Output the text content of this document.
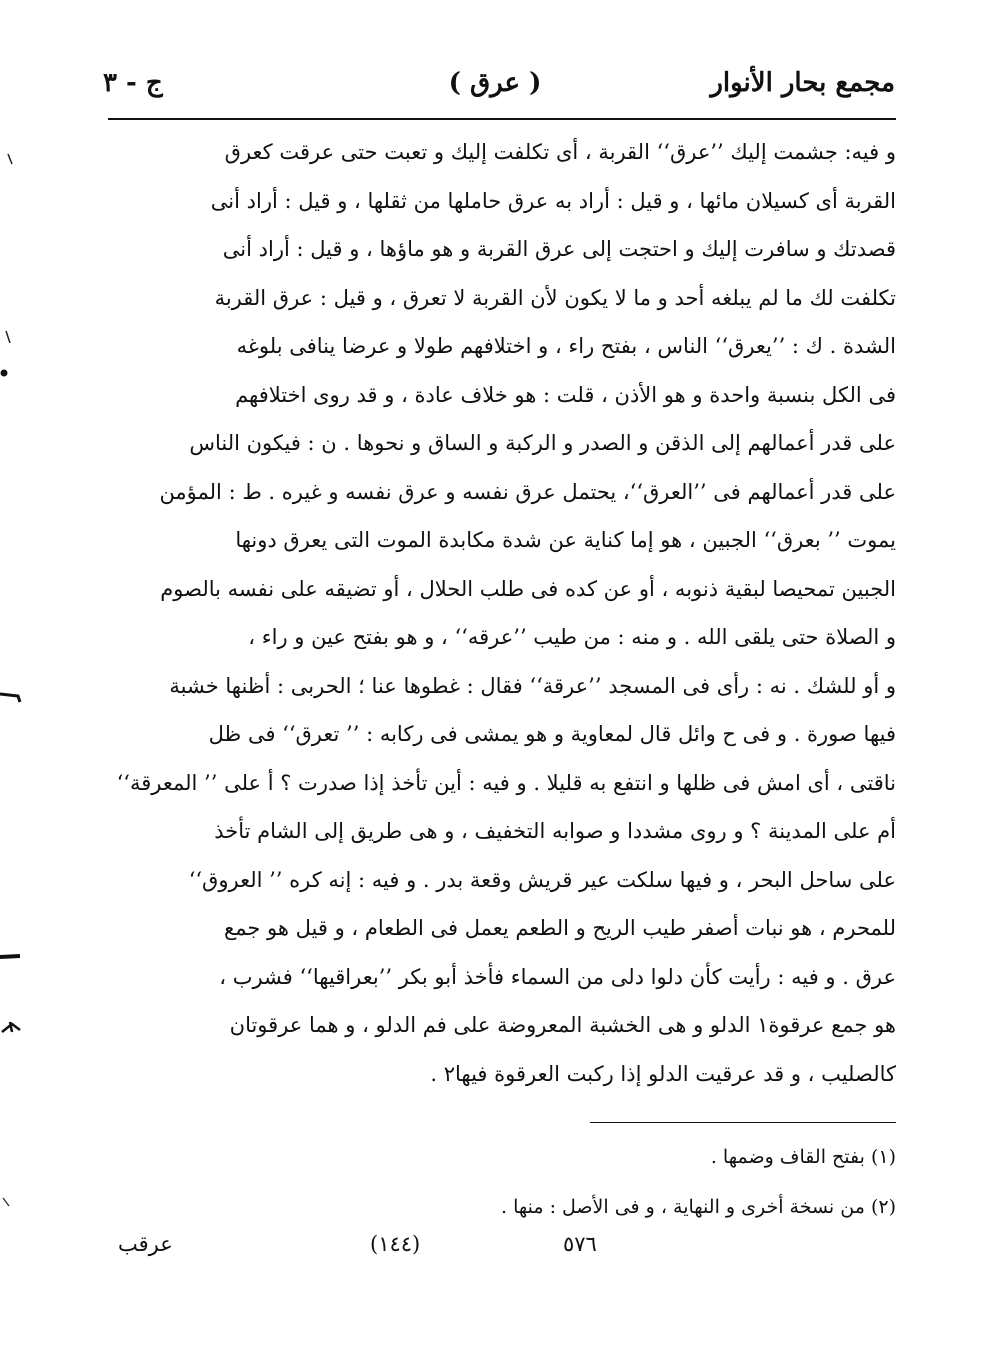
مجمع بحار الأنوار
( عرق )
ج - ٣
و فيه: جشمت إليك ’’عرق‘‘ القربة ، أى تكلفت إليك و تعبت حتى عرقت كعرق
القربة أى كسيلان مائها ، و قيل : أراد به عرق حاملها من ثقلها ، و قيل : أراد أنى
قصدتك و سافرت إليك و احتجت إلى عرق القربة و هو ماؤها ، و قيل : أراد أنى
تكلفت لك ما لم يبلغه أحد و ما لا يكون لأن القربة لا تعرق ، و قيل : عرق القربة
الشدة . ك : ’’يعرق‘‘ الناس ، بفتح راء ، و اختلافهم طولا و عرضا ينافى بلوغه
فى الكل بنسبة واحدة و هو الأذن ، قلت : هو خلاف عادة ، و قد روى اختلافهم
على قدر أعمالهم إلى الذقن و الصدر و الركبة و الساق و نحوها . ن : فيكون الناس
على قدر أعمالهم فى ’’العرق‘‘، يحتمل عرق نفسه و عرق نفسه و غيره . ط : المؤمن
يموت ’’ بعرق‘‘ الجبين ، هو إما كناية عن شدة مكابدة الموت التى يعرق دونها
الجبين تمحيصا لبقية ذنوبه ، أو عن كده فى طلب الحلال ، أو تضيقه على نفسه بالصوم
و الصلاة حتى يلقى الله . و منه : من طيب ’’عرقه‘‘ ، و هو بفتح عين و راء ،
و أو للشك . نه : رأى فى المسجد ’’عرقة‘‘ فقال : غطوها عنا ؛ الحربى : أظنها خشبة
فيها صورة . و فى ح وائل قال لمعاوية و هو يمشى فى ركابه : ’’ تعرق‘‘ فى ظل
ناقتى ، أى امش فى ظلها و انتفع به قليلا . و فيه : أين تأخذ إذا صدرت ؟ أ على ’’ المعرقة‘‘
أم على المدينة ؟ و روى مشددا و صوابه التخفيف ، و هى طريق إلى الشام تأخذ
على ساحل البحر ، و فيها سلكت عير قريش وقعة بدر . و فيه : إنه كره ’’ العروق‘‘
للمحرم ، هو نبات أصفر طيب الريح و الطعم يعمل فى الطعام ، و قيل هو جمع
عرق . و فيه : رأيت كأن دلوا دلى من السماء فأخذ أبو بكر ’’بعراقيها‘‘ فشرب ،
هو جمع عرقوة١ الدلو و هى الخشبة المعروضة على فم الدلو ، و هما عرقوتان
كالصليب ، و قد عرقيت الدلو إذا ركبت العرقوة فيها٢ .
(١) بفتح القاف وضمها .
(٢) من نسخة أخرى و النهاية ، و فى الأصل : منها .
٥٧٦
(١٤٤)
عرقب
